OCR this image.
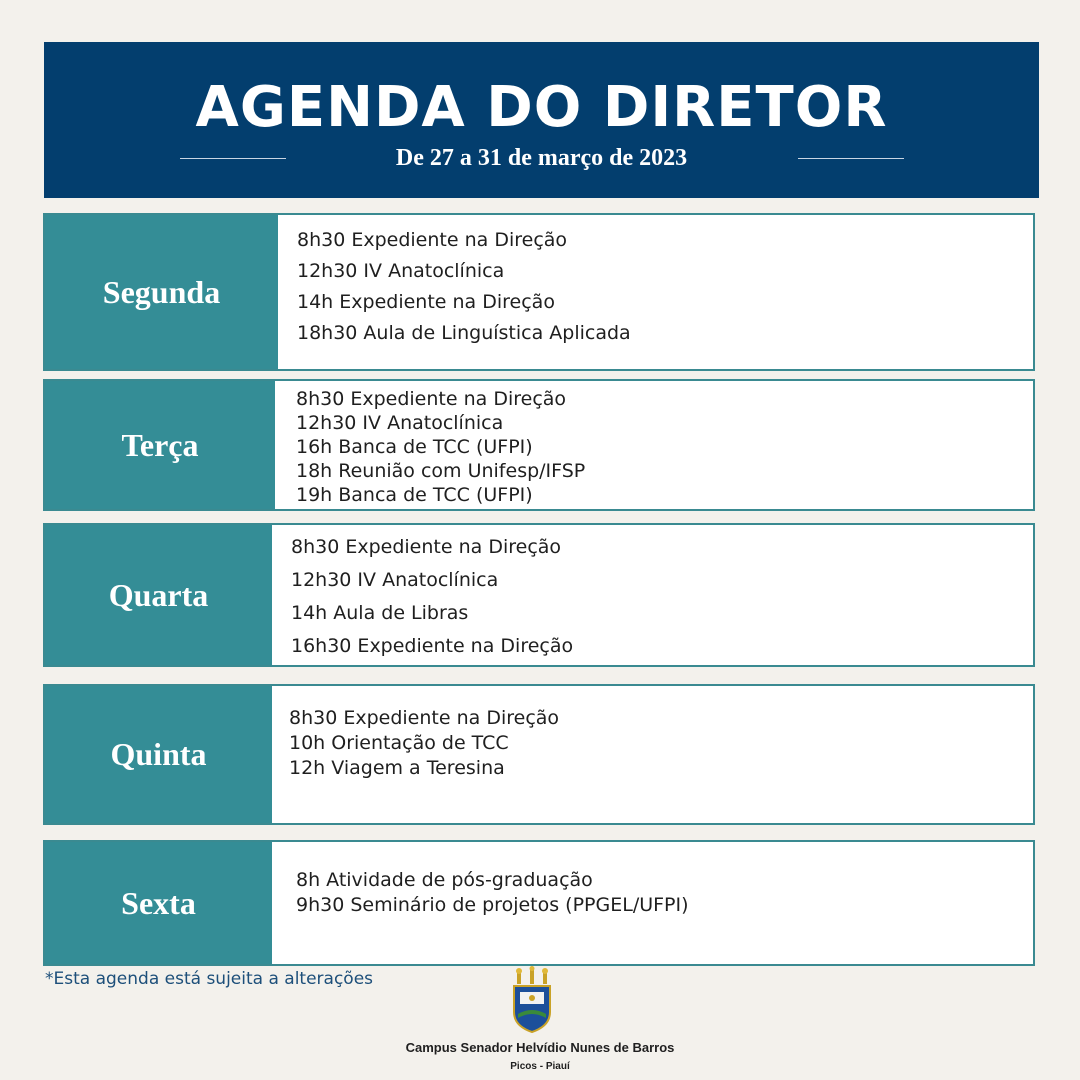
AGENDA DO DIRETOR
De 27 a 31 de março de 2023
Segunda
8h30 Expediente na Direção
12h30 IV Anatoclínica
14h Expediente na Direção
18h30 Aula de Linguística Aplicada
Terça
8h30 Expediente na Direção
12h30 IV Anatoclínica
16h Banca de TCC (UFPI)
18h Reunião com Unifesp/IFSP
19h Banca de TCC (UFPI)
Quarta
8h30 Expediente na Direção
12h30 IV Anatoclínica
14h Aula de Libras
16h30 Expediente na Direção
Quinta
8h30 Expediente na Direção
10h Orientação de TCC
12h Viagem a Teresina
Sexta
8h Atividade de pós-graduação
9h30 Seminário de projetos (PPGEL/UFPI)
*Esta agenda está sujeita a alterações
Campus Senador Helvídio Nunes de Barros
Picos - Piauí
